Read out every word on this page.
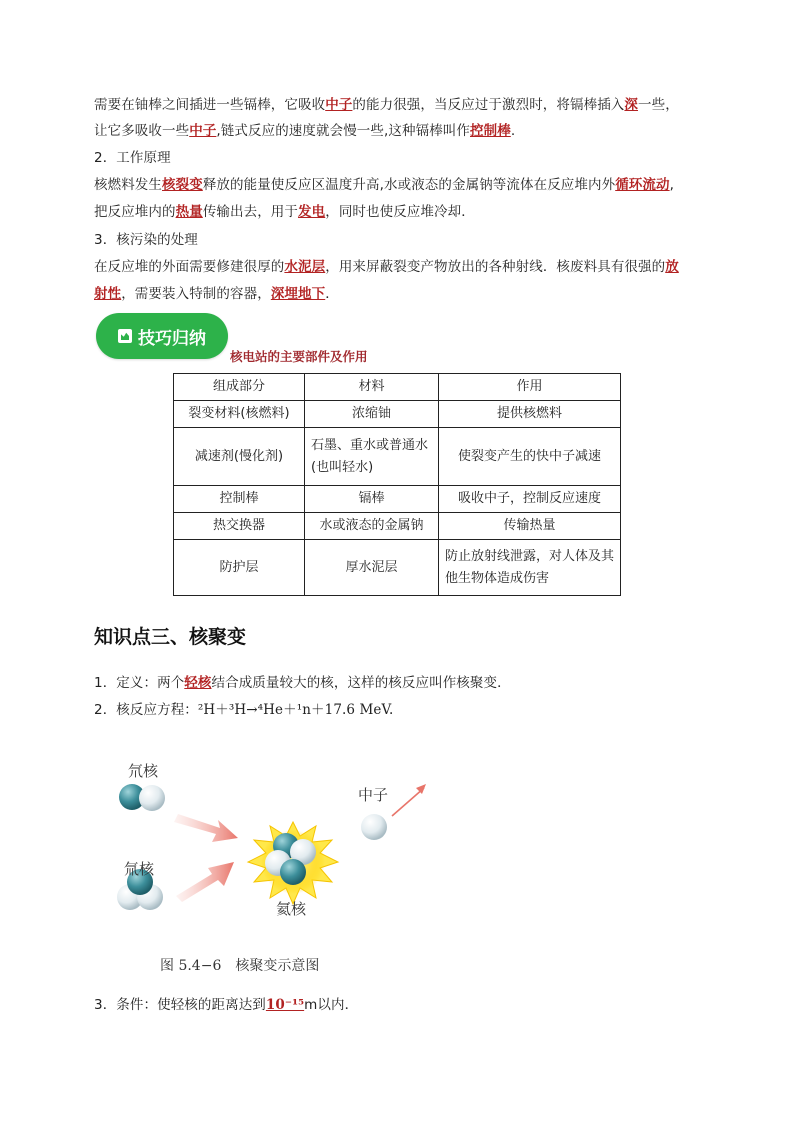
需要在铀棒之间插进一些镉棒，它吸收中子的能力很强，当反应过于激烈时，将镉棒插入深一些，
让它多吸收一些中子,链式反应的速度就会慢一些,这种镉棒叫作控制棒.
2．工作原理
核燃料发生核裂变释放的能量使反应区温度升高,水或液态的金属钠等流体在反应堆内外循环流动,
把反应堆内的热量传输出去，用于发电，同时也使反应堆冷却．
3．核污染的处理
在反应堆的外面需要修建很厚的水泥层，用来屏蔽裂变产物放出的各种射线．核废料具有很强的放
射性，需要装入特制的容器，深埋地下．
技巧归纳
核电站的主要部件及作用
组成部分	材料	作用
裂变材料(核燃料)	浓缩铀	提供核燃料
减速剂(慢化剂)	石墨、重水或普通水(也叫轻水)	使裂变产生的快中子减速
控制棒	镉棒	吸收中子，控制反应速度
热交换器	水或液态的金属钠	传输热量
防护层	厚水泥层	防止放射线泄露，对人体及其他生物体造成伤害
知识点三、核聚变
1．定义：两个轻核结合成质量较大的核，这样的核反应叫作核聚变．
2．核反应方程：²H＋³H→⁴He＋¹n＋17.6 MeV.
氘核
氚核
中子
氦核
图 5.4−6　核聚变示意图
3．条件：使轻核的距离达到10⁻¹⁵m以内．
